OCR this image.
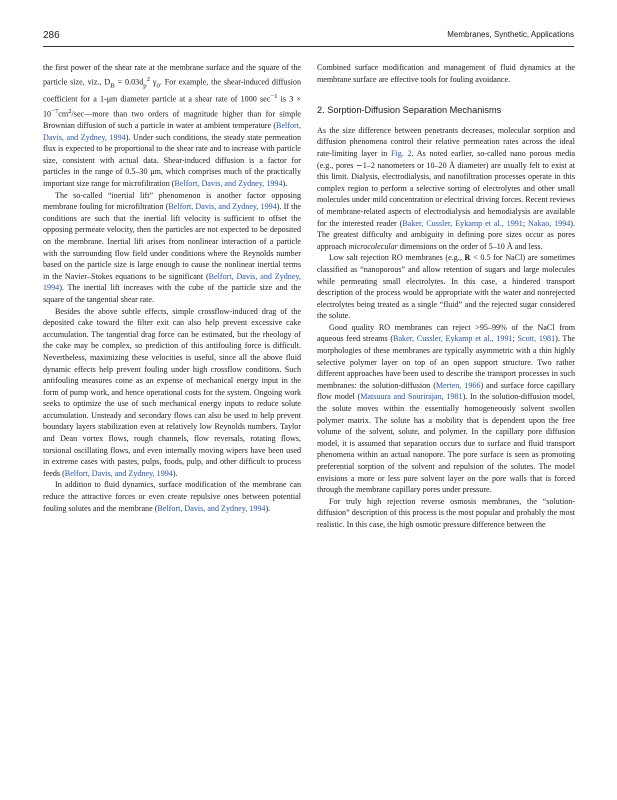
286	Membranes, Synthetic, Applications

the first power of the shear rate at the membrane surface and the square of the particle size, viz., $D_B = 0.03d_p^2$ $\gamma_0$. For example, the shear-induced diffusion coefficient for a 1-μm diameter particle at a shear rate of 1000 $\sec^{-1}$ is $3 \times 10^{-7}cm^2/\sec—more$ than two orders of magnitude higher than for simple Brownian diffusion of such a particle in water at ambient temperature (Belfort, Davis, and Zydney, 1994). Under such conditions, the steady state permeation flux is expected to be proportional to the shear rate and to increase with particle size, consistent with actual data. Shear-induced diffusion is a factor for particles in the range of 0.5–30 μm, which comprises much of the practically important size range for microfiltration (Belfort, Davis, and Zydney, 1994).

The so-called “inertial lift” phenomenon is another factor opposing membrane fouling for microfiltration (Belfort, Davis, and Zydney, 1994). If the conditions are such that the inertial lift velocity is sufficient to offset the opposing permeate velocity, then the particles are not expected to be deposited on the membrane. Inertial lift arises from nonlinear interaction of a particle with the surrounding flow field under conditions where the Reynolds number based on the particle size is large enough to cause the nonlinear inertial terms in the Navier–Stokes equations to be significant (Belfort, Davis, and Zydney, 1994). The inertial lift increases with the cube of the particle size and the square of the tangential shear rate.

Besides the above subtle effects, simple crossflow-induced drag of the deposited cake toward the filter exit can also help prevent excessive cake accumulation. The tangential drag force can be estimated, but the rheology of the cake may be complex, so prediction of this antifouling force is difficult. Nevertheless, maximizing these velocities is useful, since all the above fluid dynamic effects help prevent fouling under high crossflow conditions. Such antifouling measures come as an expense of mechanical energy input in the form of pump work, and hence operational costs for the system. Ongoing work seeks to optimize the use of such mechanical energy inputs to reduce solute accumulation. Unsteady and secondary flows can also be used to help prevent boundary layers stabilization even at relatively low Reynolds numbers. Taylor and Dean vortex flows, rough channels, flow reversals, rotating flows, torsional oscillating flows, and even internally moving wipers have been used in extreme cases with pastes, pulps, foods, pulp, and other difficult to process feeds (Belfort, Davis, and Zydney, 1994).

In addition to fluid dynamics, surface modification of the membrane can reduce the attractive forces or even create repulsive ones between potential fouling solutes and the membrane (Belfort, Davis, and Zydney, 1994).

Combined surface modification and management of fluid dynamics at the membrane surface are effective tools for fouling avoidance.

2. Sorption-Diffusion Separation Mechanisms

As the size difference between penetrants decreases, molecular sorption and diffusion phenomena control their relative permeation rates across the ideal rate-limiting layer in Fig. 2. As noted earlier, so-called nano porous media (e.g., pores ∼1–2 nanometers or 10–20 Å diameter) are usually felt to exist at this limit. Dialysis, electrodialysis, and nanofiltration processes operate in this complex region to perform a selective sorting of electrolytes and other small molecules under mild concentration or electrical driving forces. Recent reviews of membrane-related aspects of electrodialysis and hemodialysis are available for the interested reader (Baker, Cussler, Eykamp et al., 1991; Nakao, 1994). The greatest difficulty and ambiguity in defining pore sizes occur as pores approach microcolecular dimensions on the order of 5–10 Å and less.

Low salt rejection RO membranes (e.g., R < 0.5 for NaCl) are sometimes classified as “nanoporous” and allow retention of sugars and large molecules while permeating small electrolytes. In this case, a hindered transport description of the process would be appropriate with the water and nonrejected electrolytes being treated as a single “fluid” and the rejected sugar considered the solute.

Good quality RO membranes can reject >95–99% of the NaCl from aqueous feed streams (Baker, Cussler, Eykamp et al., 1991; Scott, 1981). The morphologies of these membranes are typically asymmetric with a thin highly selective polymer layer on top of an open support structure. Two rather different approaches have been used to describe the transport processes in such membranes: the solution-diffusion (Merten, 1966) and surface force capillary flow model (Matsuura and Sourirajan, 1981). In the solution-diffusion model, the solute moves within the essentially homogeneously solvent swollen polymer matrix. The solute has a mobility that is dependent upon the free volume of the solvent, solute, and polymer. In the capillary pore diffusion model, it is assumed that separation occurs due to surface and fluid transport phenomena within an actual nanopore. The pore surface is seen as promoting preferential sorption of the solvent and repulsion of the solutes. The model envisions a more or less pure solvent layer on the pore walls that is forced through the membrane capillary pores under pressure.

For truly high rejection reverse osmosis membranes, the “solution-diffusion” description of this process is the most popular and probably the most realistic. In this case, the high osmotic pressure difference between the
